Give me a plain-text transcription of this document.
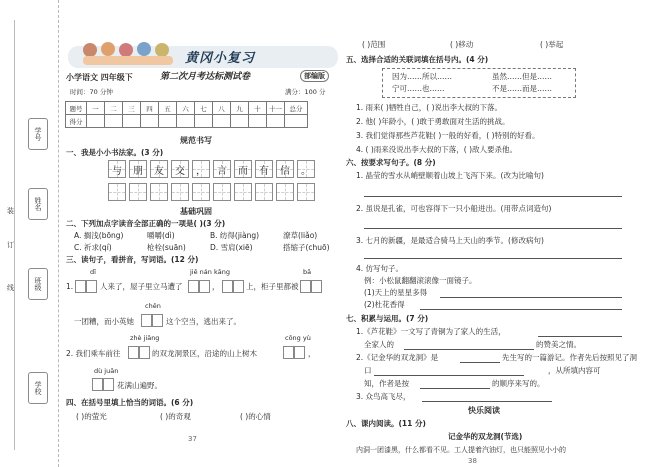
装
订
线
学号
姓名
班级
学校
黄冈小复习
小学语文 四年级下	第二次月考达标测试卷	部编版
时间：70 分钟	满分：100 分
题号	一	二	三	四	五	六	七	八	九	十	十一	总分
得分												
规范书写
一、我是小小书法家。(3 分)
与 朋 友 交 ， 言 而 有 信 。
基础巩固
二、下列加点字读音全部正确的一项是( )(3 分)
A. 搁浅(bōng)	嚼嚼(dì)	B. 纺得(jiàng)	潦草(liǎo)
C. 祈求(qí)	枪栓(suān)	D. 雪肩(xiē)	搭缩子(chuō)
三、读句子，看拼音，写词语。(12 分)
dī	jiē nán kāng	bā
1.	人来了，屋子里立马遭了	，	上，柜子里都被
chěn
一团糟，而小英她	这个空当，逃出来了。
zhè jiāng	cōng yù
2. 我们乘车前往	的双龙洞景区，沿途的山上树木	，
dù juān
花满山遍野。
四、在括号里填上恰当的词语。(6 分)
( )的萤光	( )的奇观	( )的心情
37
( )范围	( )移动	( )举起
五、选择合适的关联词填在括号内。(4 分)
因为……所以……	虽然……但是……
宁可……也……	不是……而是……
1. 雨来( )牺牲自己，( )说出李大叔的下落。
2. 他( )年龄小，( )敢于勇敢面对生活的挑战。
3. 我们觉得那些芦花鞋( )一般的好看，( )特别的好看。
4. ( )雨来没说出李大叔的下落，( )敌人要杀他。
六、按要求写句子。(8 分)
1. 晶莹的雪水从峭壁顺着山坡上飞泻下来。(改为比喻句)
2. 虽说是孔雀，可也容得下一只小船进出。(用带点词造句)
3. 七月的新疆，是最适合骑马上天山的季节。(修改病句)
4. 仿写句子。
例：小松鼠翻翻滚滚像一面镜子。
(1)天上的星星多得
(2)杜花香得
七、积累与运用。(7 分)
1.《芦花鞋》一文写了青铜为了家人的生活，
全家人的	的赞美之情。
2.《记金华的双龙洞》是	先生写的一篇游记。作者先后按照见了洞
口	，从所填内容可
知，作者是按	的顺序来写的。
3. 众鸟高飞尽，
快乐阅读
八、课内阅读。(11 分)
记金华的双龙洞(节选)
内洞一团漆黑，什么都看不见。工人提着汽油灯，也只能照见小小的
38
